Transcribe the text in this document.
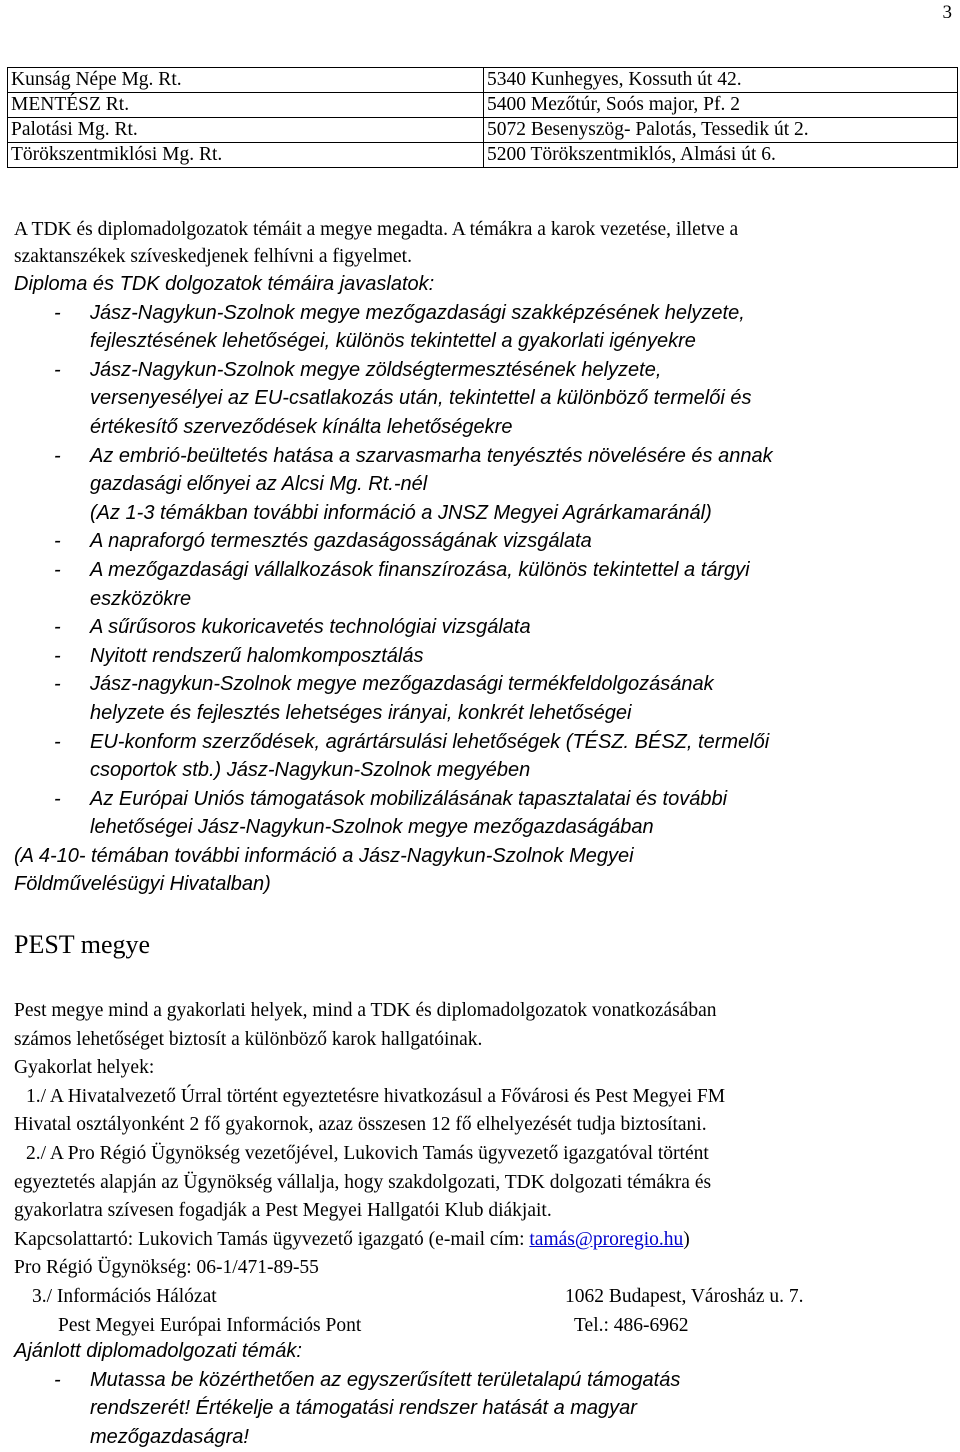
3
Kunság Népe Mg. Rt.	5340 Kunhegyes, Kossuth út 42.
MENTÉSZ Rt.	5400 Mezőtúr, Soós major, Pf. 2
Palotási Mg. Rt.	5072 Besenyszög- Palotás, Tessedik út 2.
Törökszentmiklósi Mg. Rt.	5200 Törökszentmiklós, Almási út 6.
A TDK és diplomadolgozatok témáit a megye megadta. A témákra a karok vezetése, illetve a
szaktanszékek szíveskedjenek felhívni a figyelmet.
Diploma és TDK dolgozatok témáira javaslatok:
-	Jász-Nagykun-Szolnok megye mezőgazdasági szakképzésének helyzete,
fejlesztésének lehetőségei, különös tekintettel a gyakorlati igényekre
-	Jász-Nagykun-Szolnok megye zöldségtermesztésének helyzete,
versenyesélyei az EU-csatlakozás után, tekintettel a különböző termelői és
értékesítő szerveződések kínálta lehetőségekre
-	Az embrió-beültetés hatása a szarvasmarha tenyésztés növelésére és annak
gazdasági előnyei az Alcsi Mg. Rt.-nél
(Az 1-3 témákban további információ a JNSZ Megyei Agrárkamaránál)
-	A napraforgó termesztés gazdaságosságának vizsgálata
-	A mezőgazdasági vállalkozások finanszírozása, különös tekintettel a tárgyi
eszközökre
-	A sűrűsoros kukoricavetés technológiai vizsgálata
-	Nyitott rendszerű halomkomposztálás
-	Jász-nagykun-Szolnok megye mezőgazdasági termékfeldolgozásának
helyzete és fejlesztés lehetséges irányai, konkrét lehetőségei
-	EU-konform szerződések, agrártársulási lehetőségek (TÉSZ. BÉSZ, termelői
csoportok stb.) Jász-Nagykun-Szolnok megyében
-	Az Európai Uniós támogatások mobilizálásának tapasztalatai és további
lehetőségei Jász-Nagykun-Szolnok megye mezőgazdaságában
(A 4-10- témában további információ a Jász-Nagykun-Szolnok Megyei
Földművelésügyi Hivatalban)
PEST megye
Pest megye mind a gyakorlati helyek, mind a TDK és diplomadolgozatok vonatkozásában
számos lehetőséget biztosít a különböző karok hallgatóinak.
Gyakorlat helyek:
1./ A Hivatalvezető Úrral történt egyeztetésre hivatkozásul a Fővárosi és Pest Megyei FM
Hivatal osztályonként 2 fő gyakornok, azaz összesen 12 fő elhelyezését tudja biztosítani.
2./ A Pro Régió Ügynökség vezetőjével, Lukovich Tamás ügyvezető igazgatóval történt
egyeztetés alapján az Ügynökség vállalja, hogy szakdolgozati, TDK dolgozati témákra és
gyakorlatra szívesen fogadják a Pest Megyei Hallgatói Klub diákjait.
Kapcsolattartó: Lukovich Tamás ügyvezető igazgató (e-mail cím: tamás@proregio.hu)
Pro Régió Ügynökség: 06-1/471-89-55
3./ Információs Hálózat	1062 Budapest, Városház u. 7.
Pest Megyei Európai Információs Pont	Tel.: 486-6962
Ajánlott diplomadolgozati témák:
-	Mutassa be közérthetően az egyszerűsített területalapú támogatás
rendszerét! Értékelje a támogatási rendszer hatását a magyar
mezőgazdaságra!
